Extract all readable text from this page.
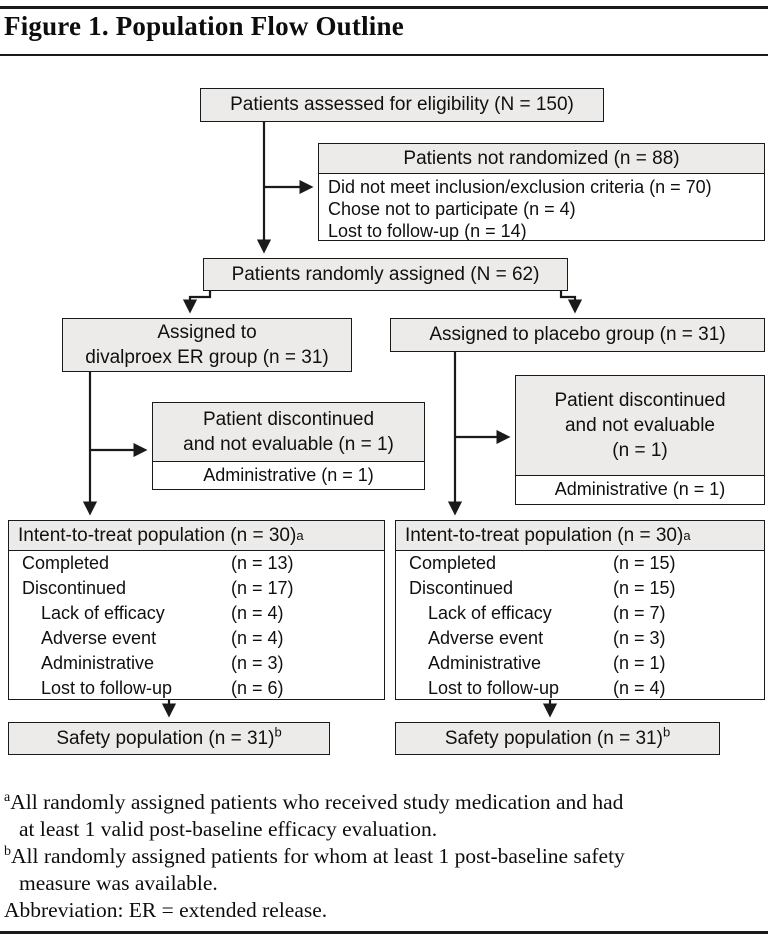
Figure 1. Population Flow Outline
Patients assessed for eligibility (N = 150)
Patients not randomized (n = 88)
Did not meet inclusion/exclusion criteria (n = 70)
Chose not to participate (n = 4)
Lost to follow-up (n = 14)
Patients randomly assigned (N = 62)
Assigned to
divalproex ER group (n = 31)
Assigned to placebo group (n = 31)
Patient discontinued
and not evaluable (n = 1)
Administrative (n = 1)
Patient discontinued
and not evaluable
(n = 1)
Administrative (n = 1)
Intent-to-treat population (n = 30) a
Completed	(n = 13)
Discontinued	(n = 17)
Lack of efficacy	(n = 4)
Adverse event	(n = 4)
Administrative	(n = 3)
Lost to follow-up	(n = 6)
Intent-to-treat population (n = 30) a
Completed	(n = 15)
Discontinued	(n = 15)
Lack of efficacy	(n = 7)
Adverse event	(n = 3)
Administrative	(n = 1)
Lost to follow-up	(n = 4)
Safety population (n = 31)$^b$	Safety population (n = 31)$^b$
$^a$All randomly assigned patients who received study medication and had
at least 1 valid post-baseline efficacy evaluation.
$^b$All randomly assigned patients for whom at least 1 post-baseline safety
measure was available.
Abbreviation: ER = extended release.
